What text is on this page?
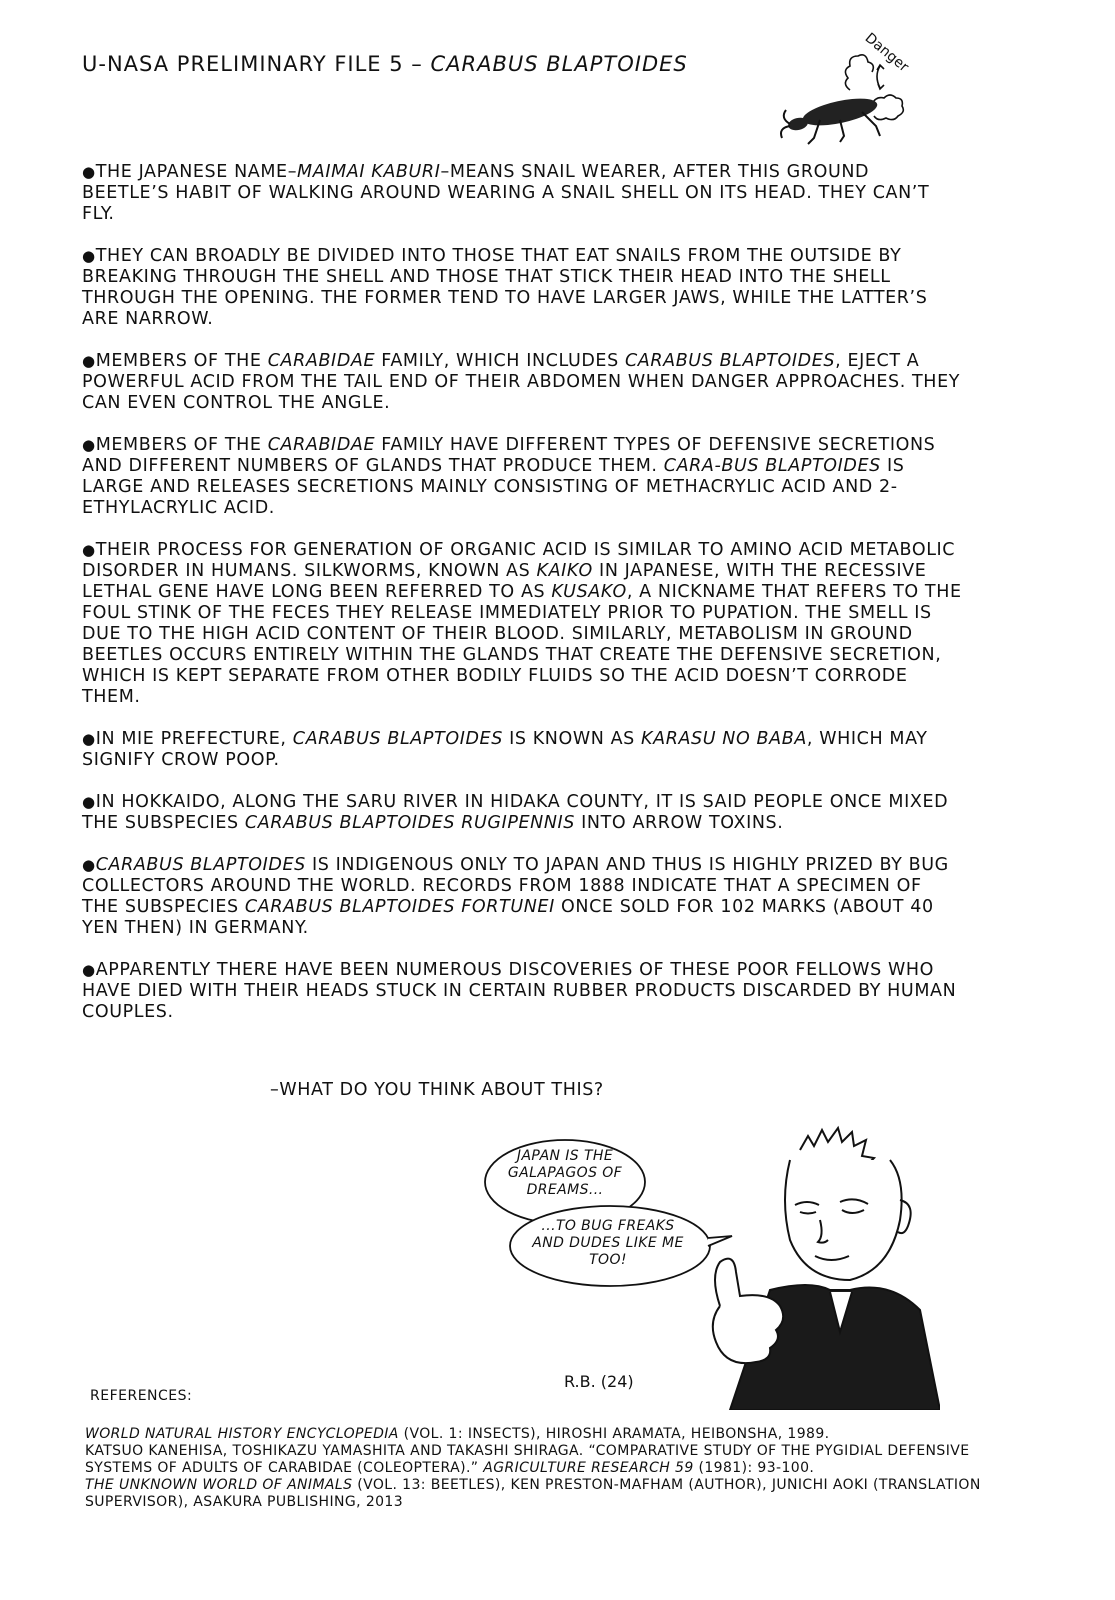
U-NASA PRELIMINARY FILE 5 – CARABUS BLAPTOIDES	Danger

●THE JAPANESE NAME–MAIMAI KABURI–MEANS SNAIL WEARER, AFTER THIS GROUND BEETLE’S HABIT OF WALKING AROUND WEARING A SNAIL SHELL ON ITS HEAD. THEY CAN’T FLY.

●THEY CAN BROADLY BE DIVIDED INTO THOSE THAT EAT SNAILS FROM THE OUTSIDE BY BREAKING THROUGH THE SHELL AND THOSE THAT STICK THEIR HEAD INTO THE SHELL THROUGH THE OPENING. THE FORMER TEND TO HAVE LARGER JAWS, WHILE THE LATTER’S ARE NARROW.

●MEMBERS OF THE CARABIDAE FAMILY, WHICH INCLUDES CARABUS BLAPTOIDES, EJECT A POWERFUL ACID FROM THE TAIL END OF THEIR ABDOMEN WHEN DANGER APPROACHES. THEY CAN EVEN CONTROL THE ANGLE.

●MEMBERS OF THE CARABIDAE FAMILY HAVE DIFFERENT TYPES OF DEFENSIVE SECRETIONS AND DIFFERENT NUMBERS OF GLANDS THAT PRODUCE THEM. CARA-BUS BLAPTOIDES IS LARGE AND RELEASES SECRETIONS MAINLY CONSISTING OF METHACRYLIC ACID AND 2-ETHYLACRYLIC ACID.

●THEIR PROCESS FOR GENERATION OF ORGANIC ACID IS SIMILAR TO AMINO ACID METABOLIC DISORDER IN HUMANS. SILKWORMS, KNOWN AS KAIKO IN JAPANESE, WITH THE RECESSIVE LETHAL GENE HAVE LONG BEEN REFERRED TO AS KUSAKO, A NICKNAME THAT REFERS TO THE FOUL STINK OF THE FECES THEY RELEASE IMMEDIATELY PRIOR TO PUPATION. THE SMELL IS DUE TO THE HIGH ACID CONTENT OF THEIR BLOOD. SIMILARLY, METABOLISM IN GROUND BEETLES OCCURS ENTIRELY WITHIN THE GLANDS THAT CREATE THE DEFENSIVE SECRETION, WHICH IS KEPT SEPARATE FROM OTHER BODILY FLUIDS SO THE ACID DOESN’T CORRODE THEM.

●IN MIE PREFECTURE, CARABUS BLAPTOIDES IS KNOWN AS KARASU NO BABA, WHICH MAY SIGNIFY CROW POOP.

●IN HOKKAIDO, ALONG THE SARU RIVER IN HIDAKA COUNTY, IT IS SAID PEOPLE ONCE MIXED THE SUBSPECIES CARABUS BLAPTOIDES RUGIPENNIS INTO ARROW TOXINS.

●CARABUS BLAPTOIDES IS INDIGENOUS ONLY TO JAPAN AND THUS IS HIGHLY PRIZED BY BUG COLLECTORS AROUND THE WORLD. RECORDS FROM 1888 INDICATE THAT A SPECIMEN OF THE SUBSPECIES CARABUS BLAPTOIDES FORTUNEI ONCE SOLD FOR 102 MARKS (ABOUT 40 YEN THEN) IN GERMANY.

●APPARENTLY THERE HAVE BEEN NUMEROUS DISCOVERIES OF THESE POOR FELLOWS WHO HAVE DIED WITH THEIR HEADS STUCK IN CERTAIN RUBBER PRODUCTS DISCARDED BY HUMAN COUPLES.

–WHAT DO YOU THINK ABOUT THIS?
JAPAN IS THE GALAPAGOS OF DREAMS...
...TO BUG FREAKS AND DUDES LIKE ME TOO!
R.B. (24)
REFERENCES:

WORLD NATURAL HISTORY ENCYCLOPEDIA (VOL. 1: INSECTS), HIROSHI ARAMATA, HEIBONSHA, 1989.

KATSUO KANEHISA, TOSHIKAZU YAMASHITA AND TAKASHI SHIRAGA. “COMPARATIVE STUDY OF THE PYGIDIAL DEFENSIVE SYSTEMS OF ADULTS OF CARABIDAE (COLEOPTERA).” AGRICULTURE RESEARCH 59 (1981): 93-100.

THE UNKNOWN WORLD OF ANIMALS (VOL. 13: BEETLES), KEN PRESTON-MAFHAM (AUTHOR), JUNICHI AOKI (TRANSLATION SUPERVISOR), ASAKURA PUBLISHING, 2013
